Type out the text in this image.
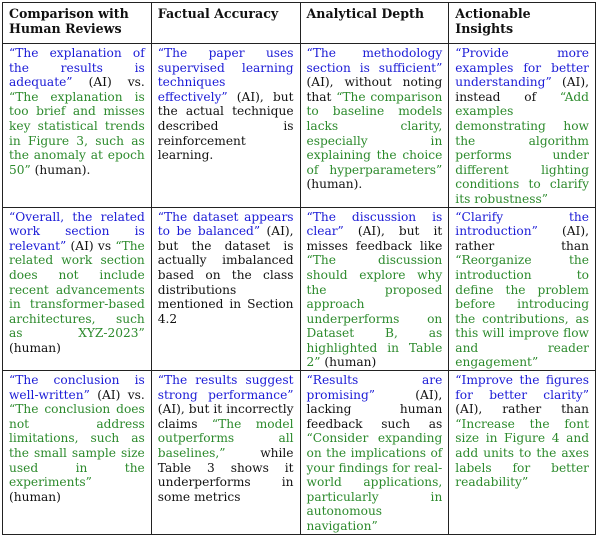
Comparison with Human Reviews	Factual Accuracy	Analytical Depth	Actionable Insights
“The explanation of the results is adequate” (AI) vs. “The explanation is too brief and misses key statistical trends in Figure 3, such as the anomaly at epoch 50” (human).	“The paper uses supervised learning techniques effectively” (AI), but the actual technique described is reinforcement learning.	“The methodology section is sufficient” (AI), without noting that “The comparison to baseline models lacks clarity, especially in explaining the choice of hyperparameters” (human).	“Provide more examples for better understanding” (AI), instead of “Add examples demonstrating how the algorithm performs under different lighting conditions to clarify its robustness”
“Overall, the related work section is relevant” (AI) vs “The related work section does not include recent advancements in transformer-based architectures, such as XYZ-2023” (human)	“The dataset appears to be balanced” (AI), but the dataset is actually imbalanced based on the class distributions mentioned in Section 4.2	“The discussion is clear” (AI), but it misses feedback like “The discussion should explore why the proposed approach underperforms on Dataset B, as highlighted in Table 2” (human)	“Clarify the introduction” (AI), rather than “Reorganize the introduction to define the problem before introducing the contributions, as this will improve flow and reader engagement”
“The conclusion is well-written” (AI) vs. “The conclusion does not address limitations, such as the small sample size used in the experiments” (human)	“The results suggest strong performance” (AI), but it incorrectly claims “The model outperforms all baselines,” while Table 3 shows it underperforms in some metrics	“Results are promising” (AI), lacking human feedback such as “Consider expanding on the implications of your findings for real-world applications, particularly in autonomous navigation”	“Improve the figures for better clarity” (AI), rather than “Increase the font size in Figure 4 and add units to the axes labels for better readability”
